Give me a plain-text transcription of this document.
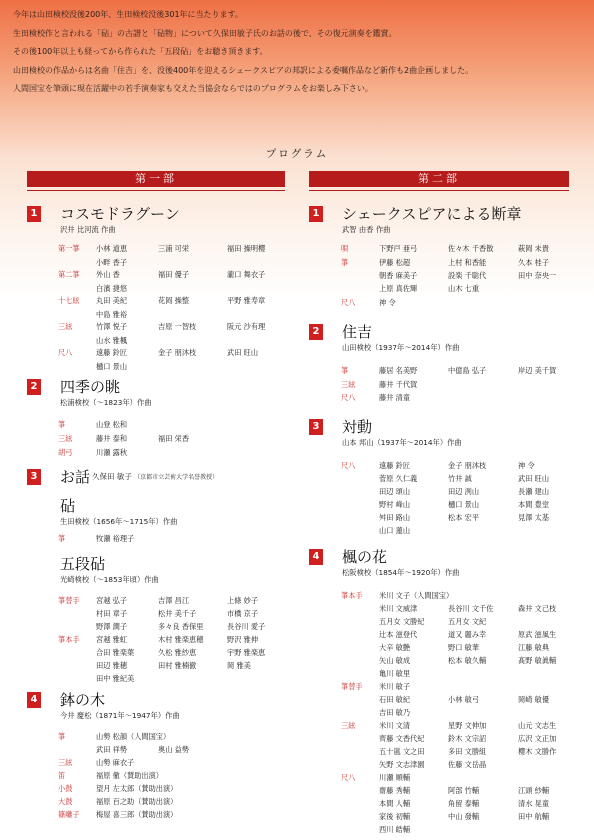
今年は山田検校没後200年、生田検校没後301年に当たります。
生田検校作と言われる「砧」の古譜と「砧物」について久保田敏子氏のお話の後で、その復元演奏を鑑賞。
その後100年以上も経ってから作られた「五段砧」をお聴き頂きます。
山田検校の作品からは名曲「住吉」を、没後400年を迎えるシェークスピアの邦訳による委嘱作品など新作も2曲企画しました。
人間国宝を筆頭に現在活躍中の若手演奏家も交えた当協会ならではのプログラムをお楽しみ下さい。
プログラム
第一部	第二部
1 コスモドラグーン
沢井 比河流 作曲
2 四季の眺
松浦検校（～1823年）作曲
3 お話 久保田 敏子 （京都市立芸術大学名誉教授）
砧
生田検校（1656年～1715年）作曲
五段砧
光崎検校（～1853年頃）作曲
4 鉢の木
今井 慶松（1871年～1947年）作曲
1 シェークスピアによる断章
武智 由香 作曲
2 住吉
山田検校（1937年～2014年）作曲
3 対動
山本 邦山（1937年～2014年）作曲
4 楓の花
松阪検校（1854年～1920年）作曲
第一箏 小林 道恵	三浦 可栄	福田 操明櫻
小畔 香子
第二箏 外山 香	福田 優子	瀧口 舞衣子
白濱 捷悠
十七絃 丸田 美紀	花岡 操整	平野 雅寿章
中島 雅裕
三絃	竹澤 悦子	吉原 一智枝	阪元 沙有理
山水 雅楓
尺八	遠藤 鈴匠	金子 朋沐枝	武田 旺山
樋口 景山
箏	山登 松和
三絃	藤井 泰和	福田 栄香
胡弓	川瀬 露秋
箏	牧瀬 裕理子
箏替手 宮越 弘子	吉澤 昌江	上條 妙子
村田 章子	松井 美千子	市橋 京子
野澤 潤子	多々良 香保里	長谷川 愛子
箏本手 宮越 雅虹	木村 雅楽恵穂	野沢 雅伸
合田 雅楽葉	久松 雅紗恵	宇野 雅楽恵
田辺 雅穂	田村 雅楠徹	岡 雅美
田中 雅紀美
箏	山勢 松韻（人間国宝）
武田 祥勢	奥山 益勢
三絃	山勢 麻衣子
笛	福原 徹（賛助出演）
小鼓	望月 左太郎（賛助出演）
大鼓	福原 百之助（賛助出演）
篠囃子 梅屋 喜三郎（賛助出演）
唄	下野戸 亜弓	佐々木 千香散	萩岡 未貴
箏	伊藤 松超	上村 和香能	久本 桂子
朝香 麻美子	設楽 千聡代	田中 奈央一
上原 真佐輝	山木 七重
尺八	神 令
箏	藤居 名美野	中億島 弘子	岸辺 美千賀
三絃	藤井 千代賀
尺八	藤井 清童
尺八	遠藤 鈴匠	金子 朋沐枝	神 令
菅原 久仁義	竹井 誠	武田 旺山
田辺 頌山	田辺 洌山	長瀬 建山
野村 峰山	樋口 景山	本間 豊堂
舛田 路山	松本 宏平	見澤 太基
山口 蓮山
箏本手 米川 文子（人間国宝）
米川 文威津	長谷川 文千佐	森井 文己枝
五月女 文勝紀	五月女 文紀
辻本 滋登代	道又 麗み幸	原武 滋風生
大辛 敏艶	野口 敏華	江藤 敏典
矢山 敏成	松本 敏久輔	髙野 敏眞輔
亀川 敏里
箏替手 米川 敏子
石田 敏紀	小林 敏弓	岡崎 敏優
吉田 敏乃
三絃	米川 文清	星野 文伸加	山元 文志生
齊藤 文香代紀	鈴木 文宗詔	広沢 文正加
五十嵐 文之田	多田 文勝組	櫻木 文勝作
矢野 文志津園	佐藤 文岳晶
尺八	川瀬 順輔
齋藤 秀輔	阿部 竹輔	江頭 紗輔
本間 人輔	角留 泰輔	清水 晃童
家後 初輔	中山 發輔	田中 航輔
西川 皓輔
